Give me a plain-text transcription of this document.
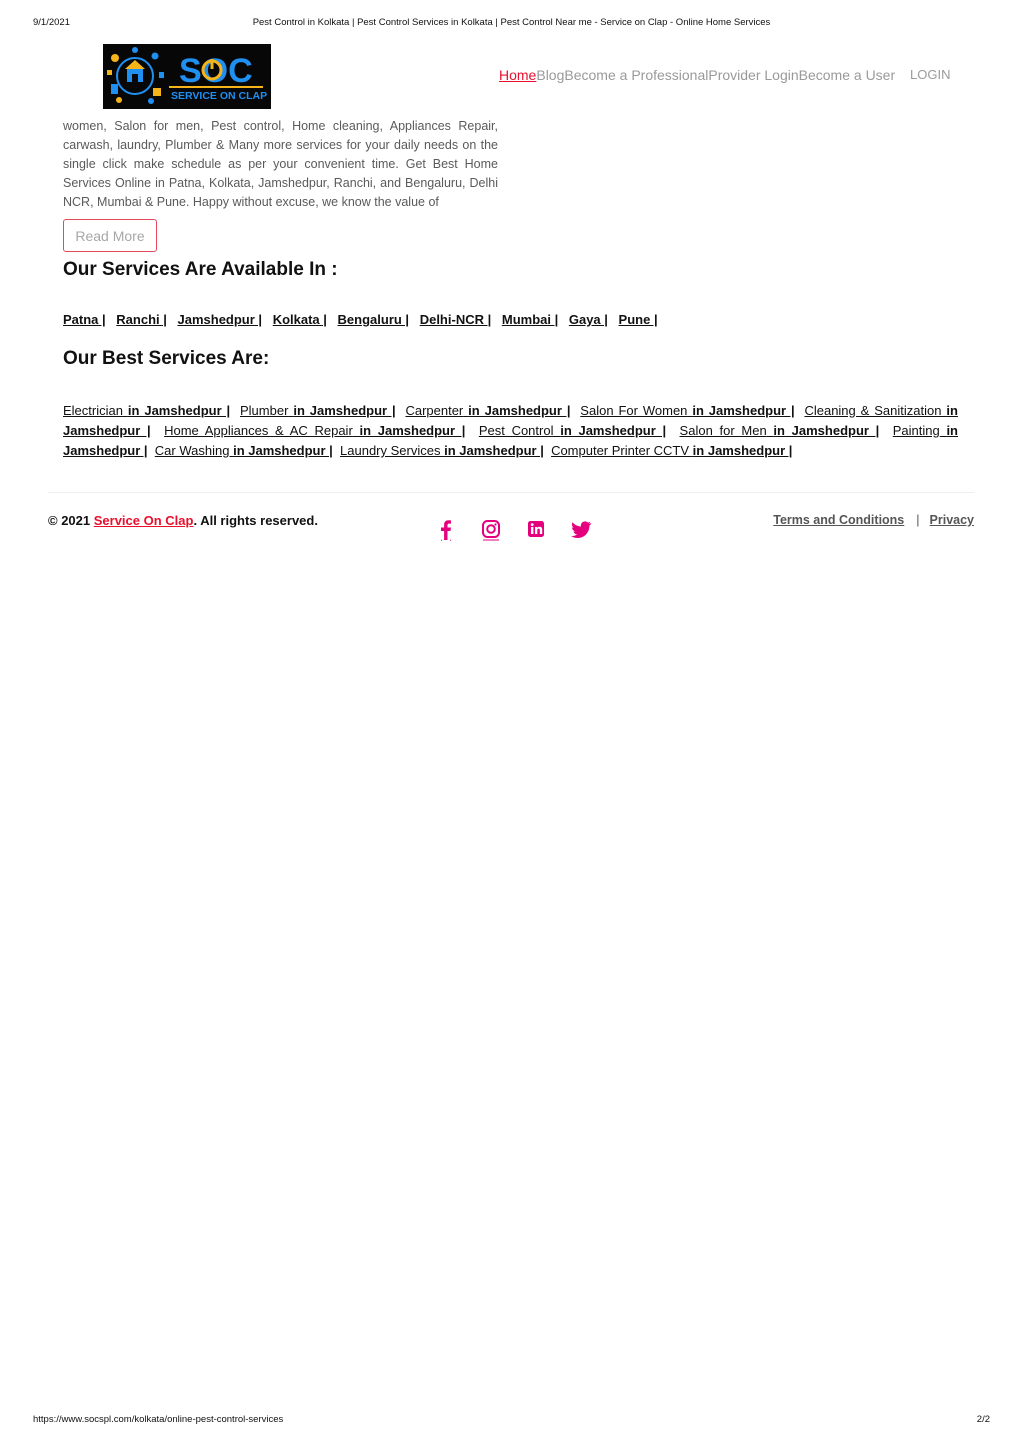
9/1/2021	Pest Control in Kolkata | Pest Control Services in Kolkata | Pest Control Near me - Service on Clap - Online Home Services
SOC
SERVICE ON CLAP
HomeBlogBecome a ProfessionalProvider LoginBecome a User LOGIN

women, Salon for men, Pest control, Home cleaning, Appliances Repair, carwash, laundry, Plumber & Many more services for your daily needs on the single click make schedule as per your convenient time. Get Best Home Services Online in Patna, Kolkata, Jamshedpur, Ranchi, and Bengaluru, Delhi NCR, Mumbai & Pune. Happy without excuse, we know the value of

Read More
Our Services Are Available In :
Patna | Ranchi | Jamshedpur | Kolkata | Bengaluru | Delhi-NCR | Mumbai | Gaya | Pune |
Our Best Services Are:
Electrician in Jamshedpur | Plumber in Jamshedpur | Carpenter in Jamshedpur | Salon For Women in Jamshedpur | Cleaning & Sanitization in Jamshedpur | Home Appliances & AC Repair in Jamshedpur | Pest Control in Jamshedpur | Salon for Men in Jamshedpur | Painting in Jamshedpur | Car Washing in Jamshedpur | Laundry Services in Jamshedpur | Computer Printer CCTV in Jamshedpur |
© 2021 Service On Clap. All rights reserved.	Terms and Conditions | Privacy
https://www.socspl.com/kolkata/online-pest-control-services	2/2
